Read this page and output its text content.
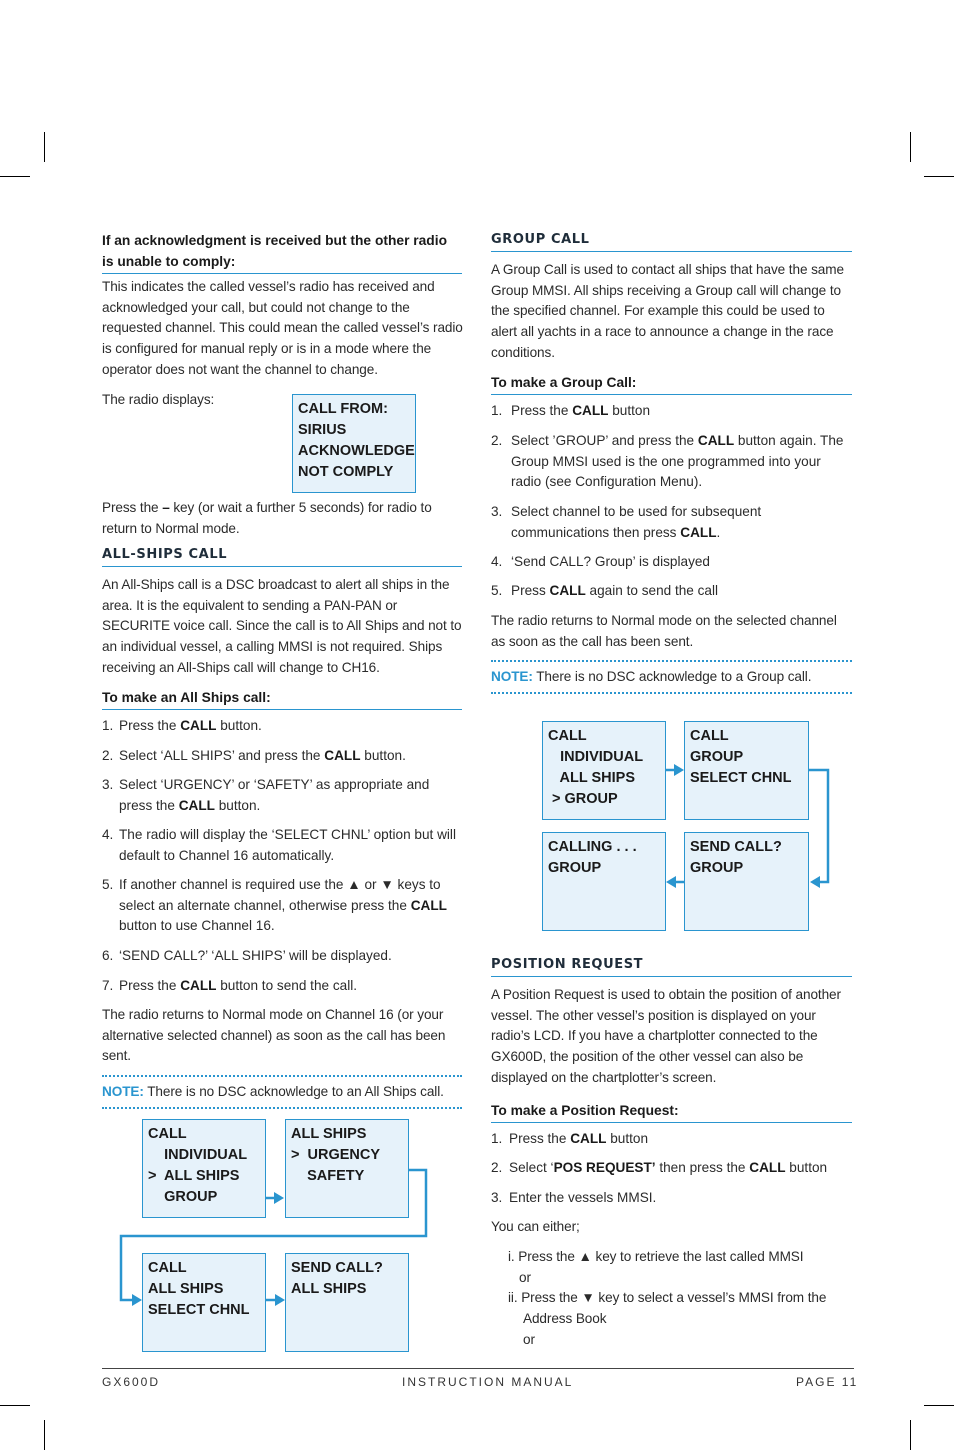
If an acknowledgment is received but the other radio is unable to comply:
This indicates the called vessel’s radio has received and acknowledged your call, but could not change to the requested channel. This could mean the called vessel’s radio is configured for manual reply or is in a mode where the operator does not want the channel to change.
The radio displays:
CALL FROM:
SIRIUS
ACKNOWLEDGE
NOT COMPLY
Press the – key (or wait a further 5 seconds) for radio to return to Normal mode.
ALL-SHIPS CALL
An All-Ships call is a DSC broadcast to alert all ships in the area. It is the equivalent to sending a PAN-PAN or SECURITE voice call. Since the call is to All Ships and not to an individual vessel, a calling MMSI is not required. Ships receiving an All-Ships call will change to CH16.
To make an All Ships call:
1. Press the CALL button.
2. Select ‘ALL SHIPS’ and press the CALL button.
3. Select ‘URGENCY’ or ‘SAFETY’ as appropriate and press the CALL button.
4. The radio will display the ‘SELECT CHNL’ option but will default to Channel 16 automatically.
5. If another channel is required use the ▲ or ▼ keys to select an alternate channel, otherwise press the CALL button to use Channel 16.
6. ‘SEND CALL?’ ‘ALL SHIPS’ will be displayed.
7. Press the CALL button to send the call.
The radio returns to Normal mode on Channel 16 (or your alternative selected channel) as soon as the call has been sent.
NOTE: There is no DSC acknowledge to an All Ships call.
CALL
INDIVIDUAL
>  ALL SHIPS
GROUP
ALL SHIPS
>  URGENCY
SAFETY
CALL
ALL SHIPS
SELECT CHNL
SEND CALL?
ALL SHIPS
GROUP CALL
A Group Call is used to contact all ships that have the same Group MMSI. All ships receiving a Group call will change to the specified channel. For example this could be used to alert all yachts in a race to announce a change in the race conditions.
To make a Group Call:
1. Press the CALL button
2. Select ’GROUP’ and press the CALL button again. The Group MMSI used is the one programmed into your radio (see Configuration Menu).
3. Select channel to be used for subsequent communications then press CALL.
4. ‘Send CALL? Group’ is displayed
5. Press CALL again to send the call
The radio returns to Normal mode on the selected channel as soon as the call has been sent.
NOTE: There is no DSC acknowledge to a Group call.
CALL
INDIVIDUAL
ALL SHIPS
> GROUP
CALL
GROUP
SELECT CHNL
CALLING . . .
GROUP
SEND CALL?
GROUP
POSITION REQUEST
A Position Request is used to obtain the position of another vessel. The other vessel’s position is displayed on your radio’s LCD. If you have a chartplotter connected to the GX600D, the position of the other vessel can also be displayed on the chartplotter’s screen.
To make a Position Request:
1. Press the CALL button
2. Select ‘POS REQUEST’ then press the CALL button
3. Enter the vessels MMSI.
You can either;
i. Press the ▲ key to retrieve the last called MMSI
or
ii. Press the ▼ key to select a vessel’s MMSI from the
Address Book
or
GX600D	INSTRUCTION MANUAL	PAGE 11
